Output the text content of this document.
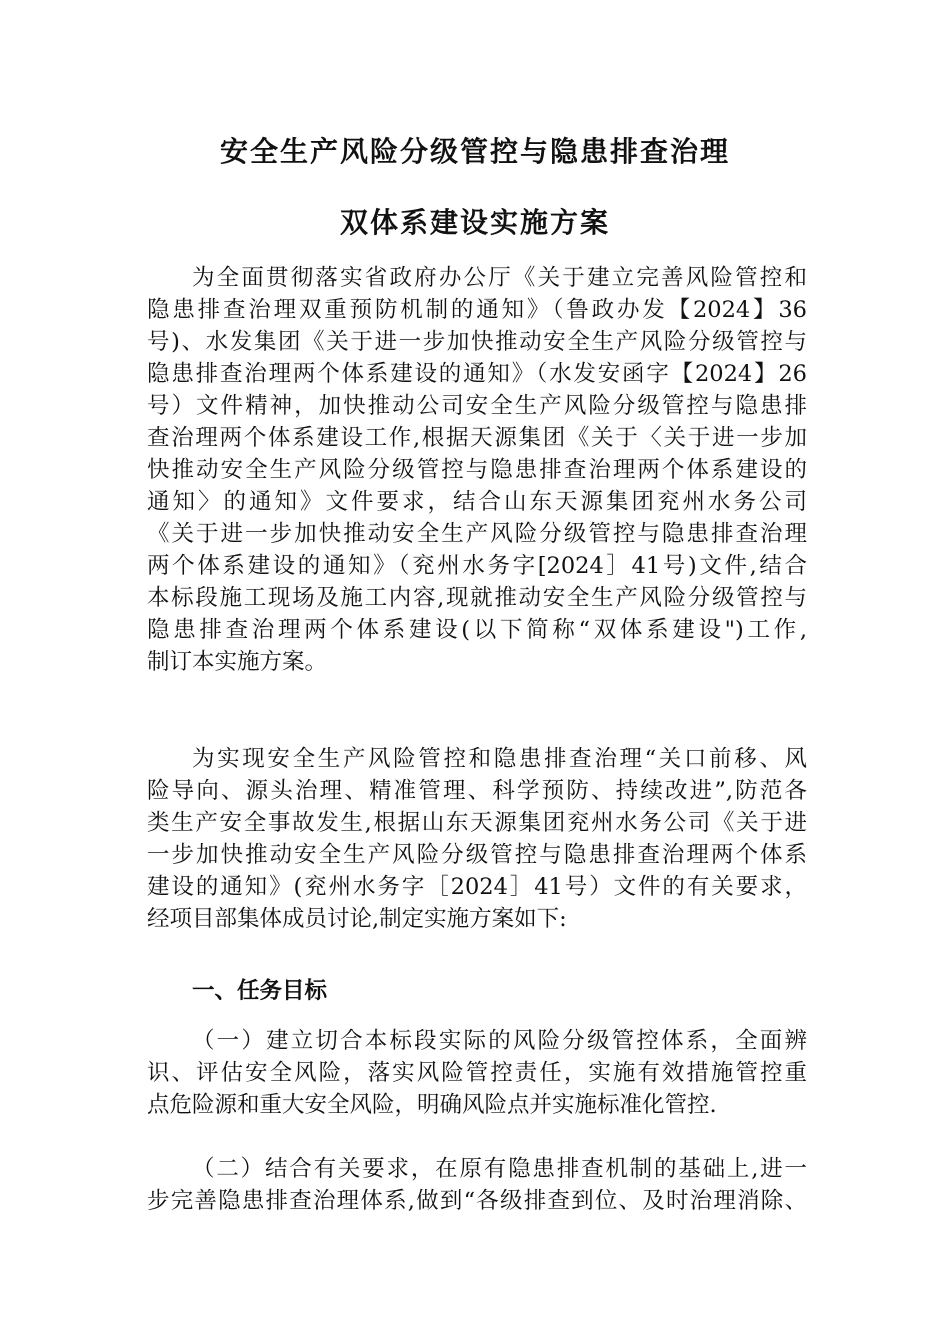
安全生产风险分级管控与隐患排查治理
双体系建设实施方案
为全面贯彻落实省政府办公厅《关于建立完善风险管控和
隐患排查治理双重预防机制的通知》（鲁政办发【2024】36
号)、水发集团《关于进一步加快推动安全生产风险分级管控与
隐患排查治理两个体系建设的通知》（水发安函字【2024】26
号）文件精神，加快推动公司安全生产风险分级管控与隐患排
查治理两个体系建设工作,根据天源集团《关于〈关于进一步加
快推动安全生产风险分级管控与隐患排查治理两个体系建设的
通知〉的通知》文件要求，结合山东天源集团兖州水务公司
《关于进一步加快推动安全生产风险分级管控与隐患排查治理
两个体系建设的通知》（兖州水务字[2024］41号)文件,结合
本标段施工现场及施工内容,现就推动安全生产风险分级管控与
隐患排查治理两个体系建设(以下简称“双体系建设")工作,
制订本实施方案。
为实现安全生产风险管控和隐患排查治理“关口前移、风
险导向、源头治理、精准管理、科学预防、持续改进”,防范各
类生产安全事故发生,根据山东天源集团兖州水务公司《关于进
一步加快推动安全生产风险分级管控与隐患排查治理两个体系
建设的通知》(兖州水务字［2024］41号）文件的有关要求，
经项目部集体成员讨论,制定实施方案如下:
一、任务目标
（一）建立切合本标段实际的风险分级管控体系，全面辨
识、评估安全风险，落实风险管控责任，实施有效措施管控重
点危险源和重大安全风险，明确风险点并实施标准化管控.
（二）结合有关要求，在原有隐患排查机制的基础上,进一
步完善隐患排查治理体系,做到“各级排查到位、及时治理消除、
